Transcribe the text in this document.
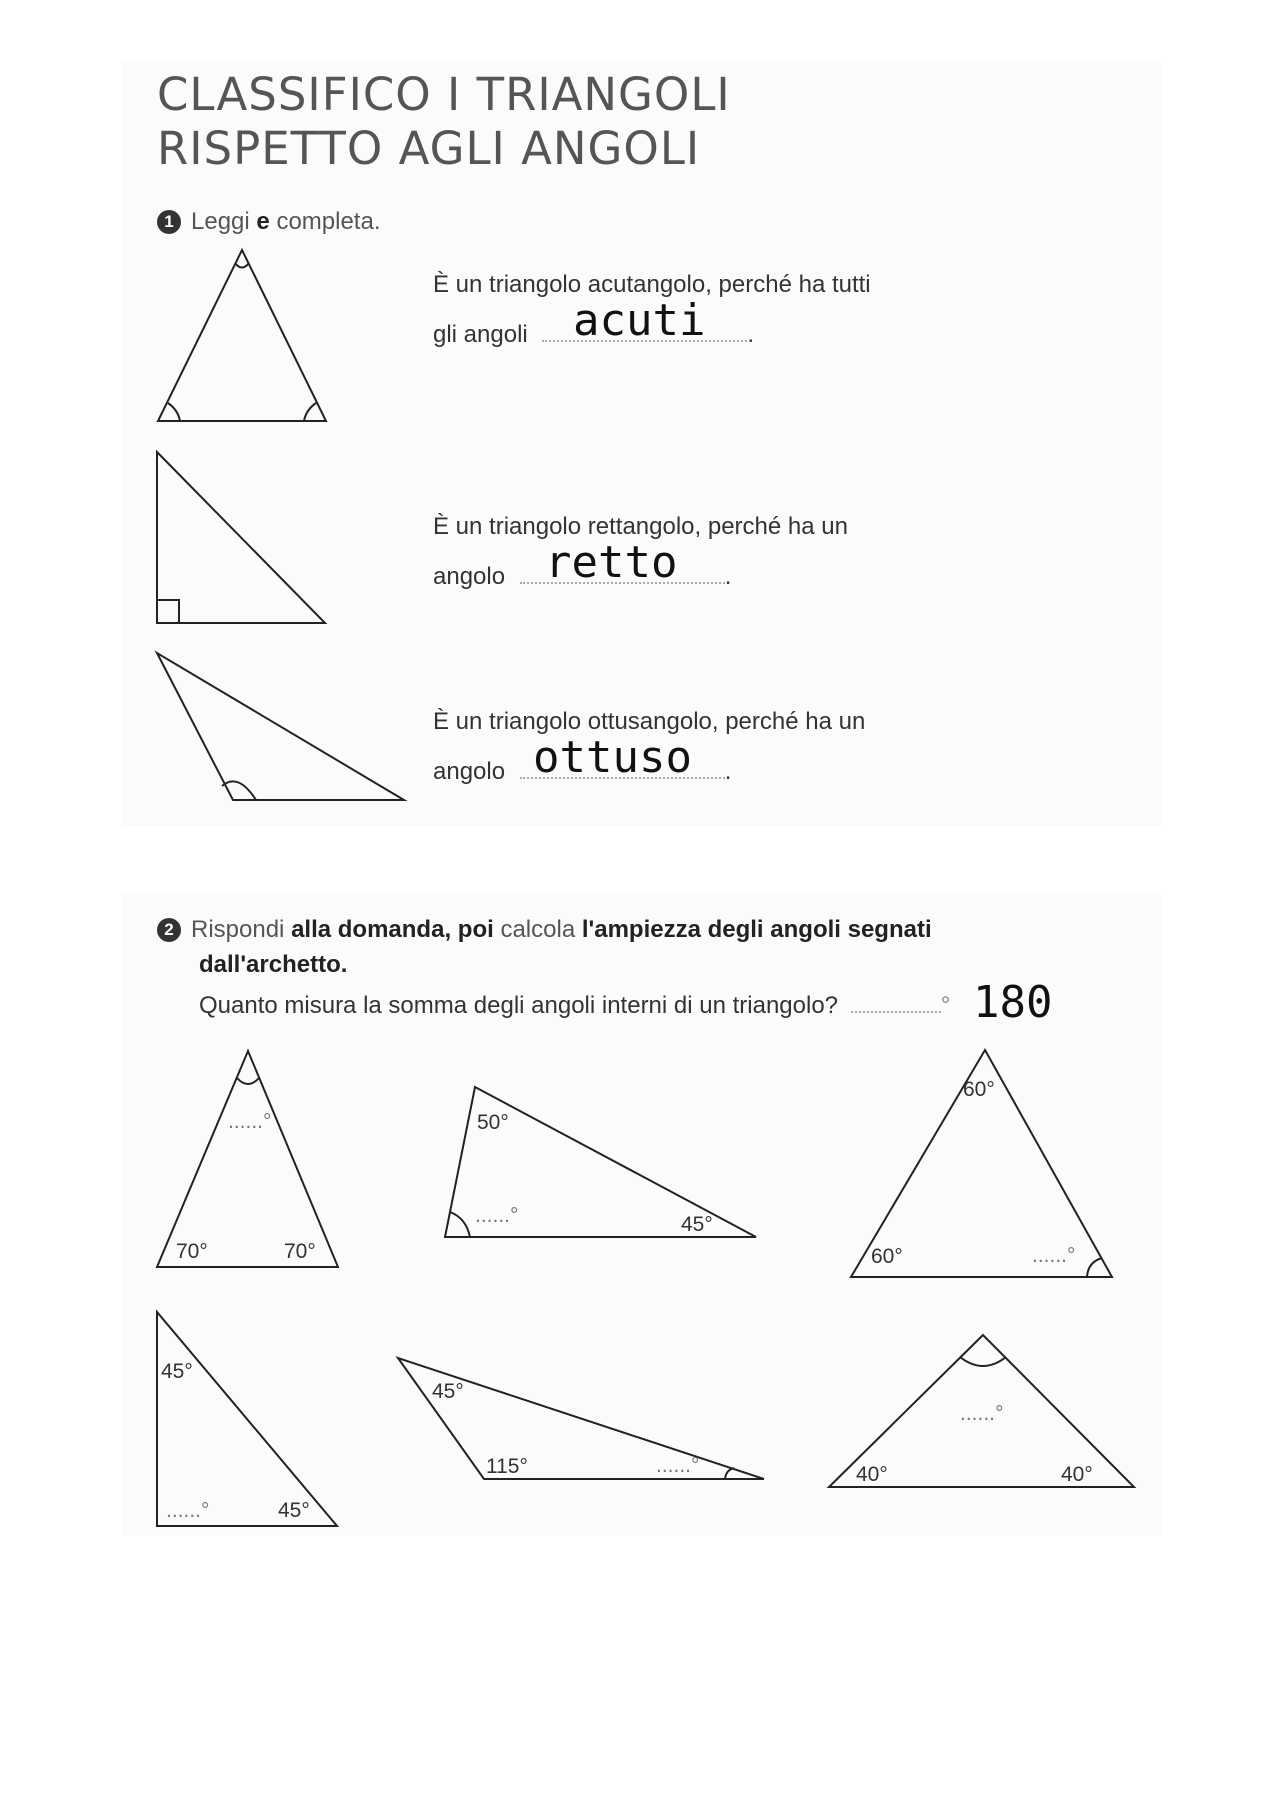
CLASSIFICO I TRIANGOLI
RISPETTO AGLI ANGOLI
1 Leggi e completa.
È un triangolo acutangolo, perché ha tutti
gli angoli	.
acuti
È un triangolo rettangolo, perché ha un
angolo	.
retto
È un triangolo ottusangolo, perché ha un
angolo	.
ottuso
2 Rispondi alla domanda, poi calcola l'ampiezza degli angoli segnati
dall'archetto.
Quanto misura la somma degli angoli interni di un triangolo?	° 180
......°
70°	70°
50°
......°	45°
60°
60°	......°
45°
......°	45°
45°
115°	......°
......°
40°	40°
